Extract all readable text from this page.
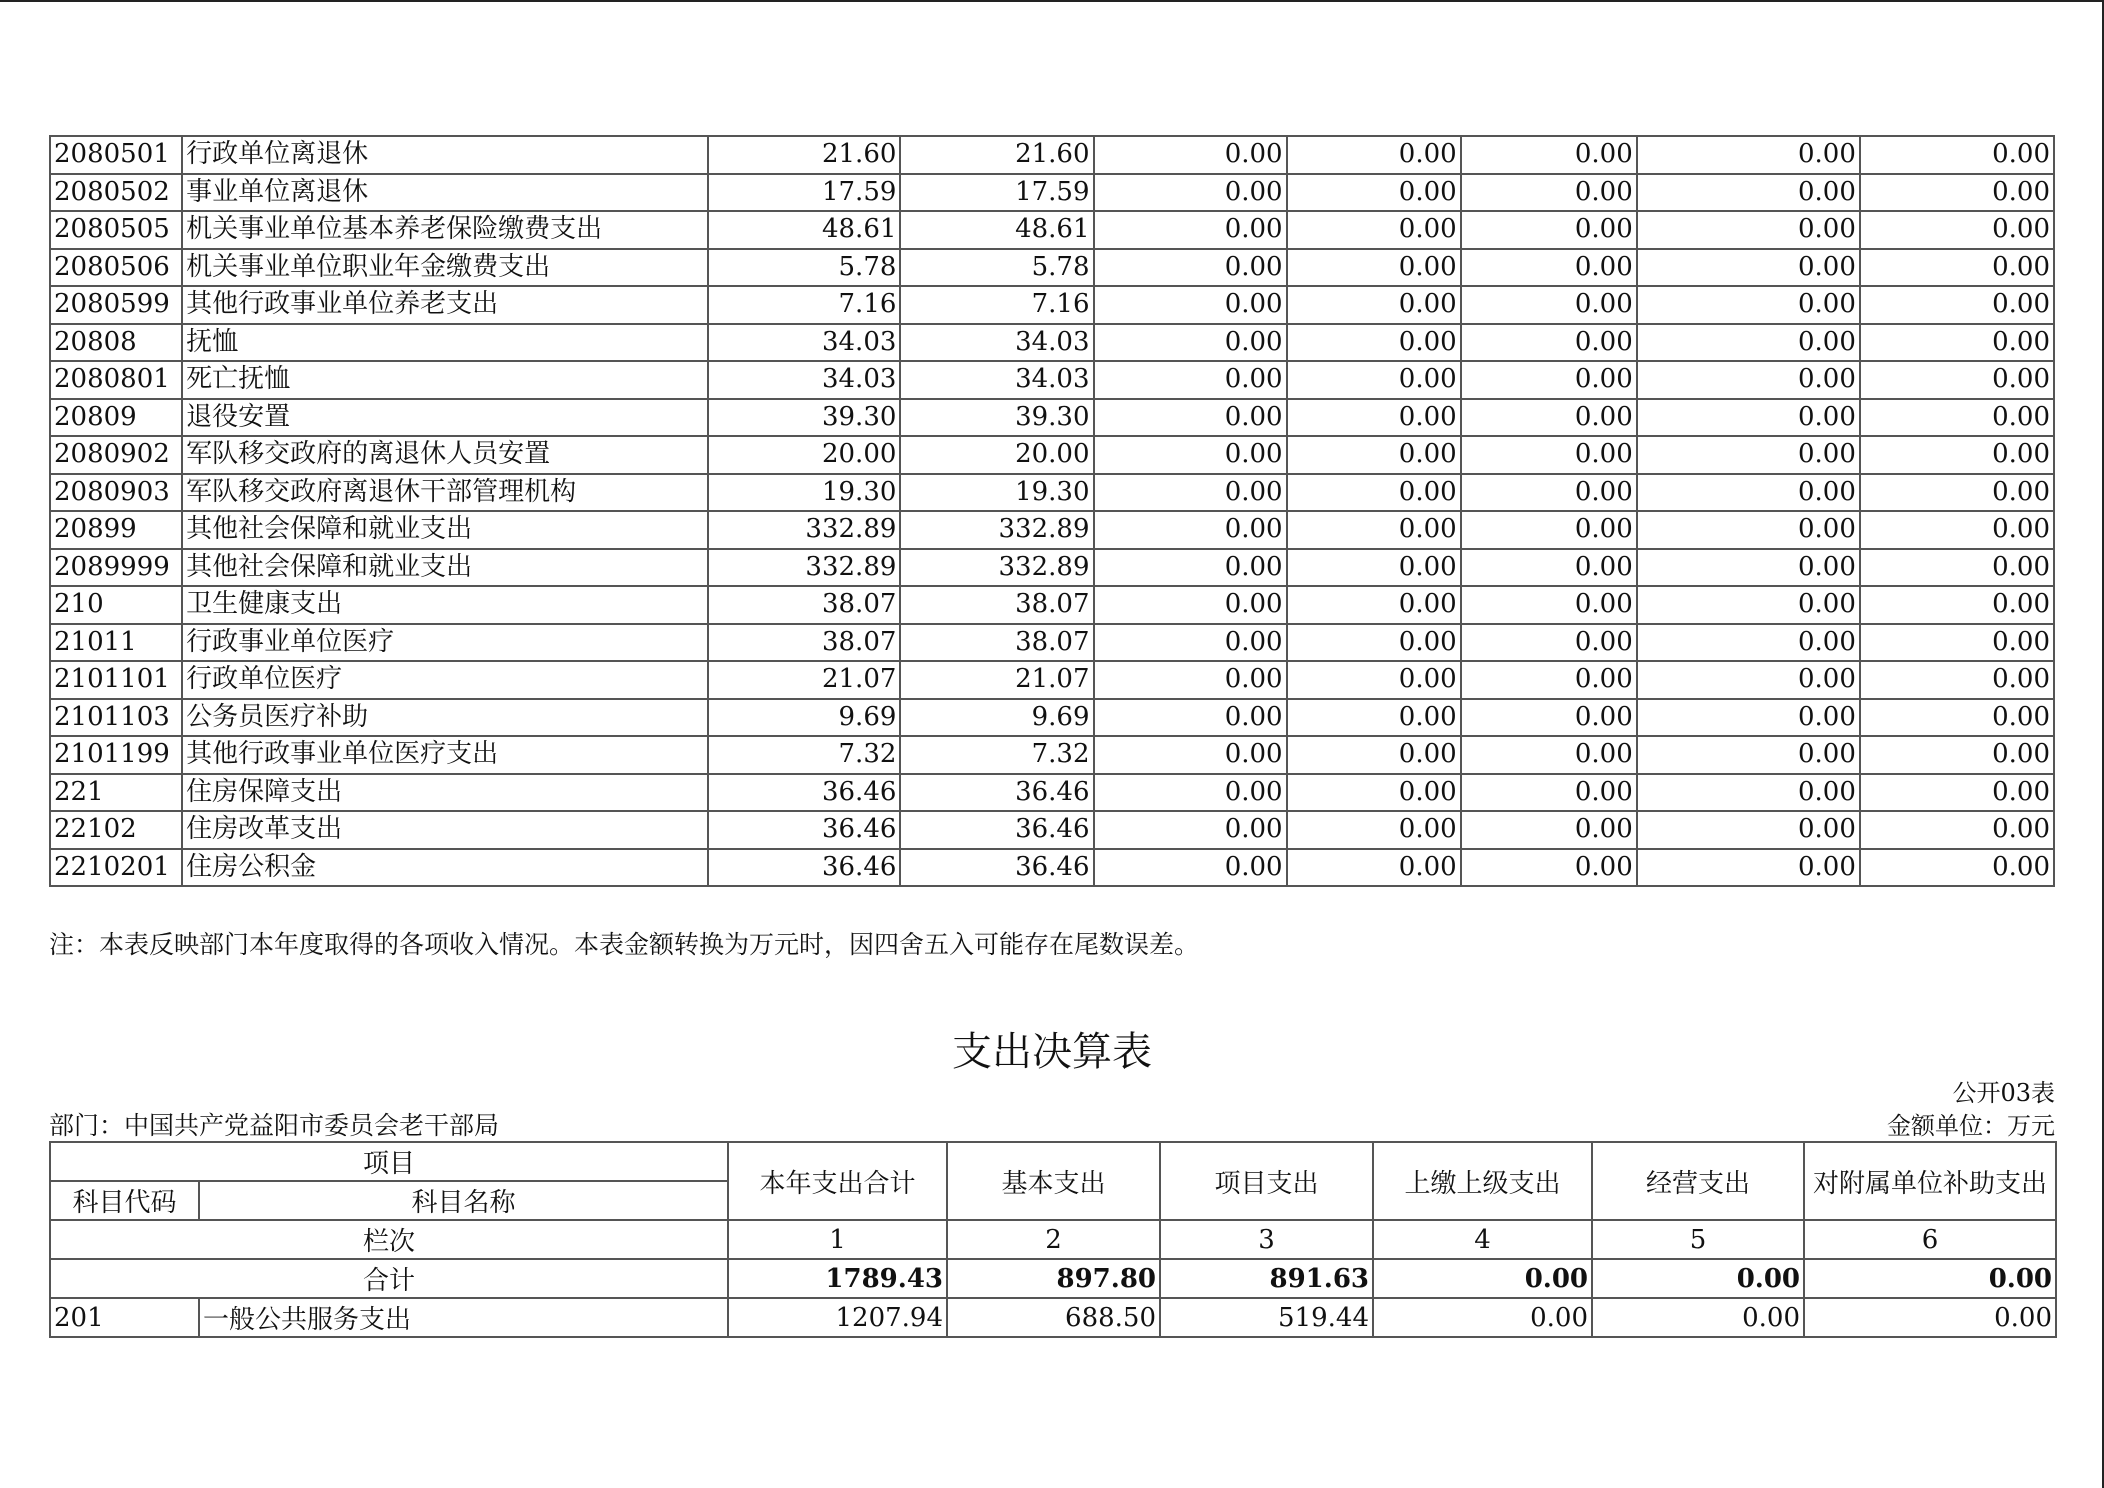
2080501	行政单位离退休	21.60	21.60	0.00	0.00	0.00	0.00	0.00
2080502	事业单位离退休	17.59	17.59	0.00	0.00	0.00	0.00	0.00
2080505	机关事业单位基本养老保险缴费支出	48.61	48.61	0.00	0.00	0.00	0.00	0.00
2080506	机关事业单位职业年金缴费支出	5.78	5.78	0.00	0.00	0.00	0.00	0.00
2080599	其他行政事业单位养老支出	7.16	7.16	0.00	0.00	0.00	0.00	0.00
20808	抚恤	34.03	34.03	0.00	0.00	0.00	0.00	0.00
2080801	死亡抚恤	34.03	34.03	0.00	0.00	0.00	0.00	0.00
20809	退役安置	39.30	39.30	0.00	0.00	0.00	0.00	0.00
2080902	军队移交政府的离退休人员安置	20.00	20.00	0.00	0.00	0.00	0.00	0.00
2080903	军队移交政府离退休干部管理机构	19.30	19.30	0.00	0.00	0.00	0.00	0.00
20899	其他社会保障和就业支出	332.89	332.89	0.00	0.00	0.00	0.00	0.00
2089999	其他社会保障和就业支出	332.89	332.89	0.00	0.00	0.00	0.00	0.00
210	卫生健康支出	38.07	38.07	0.00	0.00	0.00	0.00	0.00
21011	行政事业单位医疗	38.07	38.07	0.00	0.00	0.00	0.00	0.00
2101101	行政单位医疗	21.07	21.07	0.00	0.00	0.00	0.00	0.00
2101103	公务员医疗补助	9.69	9.69	0.00	0.00	0.00	0.00	0.00
2101199	其他行政事业单位医疗支出	7.32	7.32	0.00	0.00	0.00	0.00	0.00
221	住房保障支出	36.46	36.46	0.00	0.00	0.00	0.00	0.00
22102	住房改革支出	36.46	36.46	0.00	0.00	0.00	0.00	0.00
2210201	住房公积金	36.46	36.46	0.00	0.00	0.00	0.00	0.00
注：本表反映部门本年度取得的各项收入情况。本表金额转换为万元时，因四舍五入可能存在尾数误差。
支出决算表
公开03表
部门：中国共产党益阳市委员会老干部局	金额单位：万元
项目		本年支出合计	基本支出	项目支出	上缴上级支出	经营支出	对附属单位补助支出
科目代码	科目名称						
栏次		1	2	3	4	5	6
合计		1789.43	897.80	891.63	0.00	0.00	0.00
201	一般公共服务支出	1207.94	688.50	519.44	0.00	0.00	0.00
